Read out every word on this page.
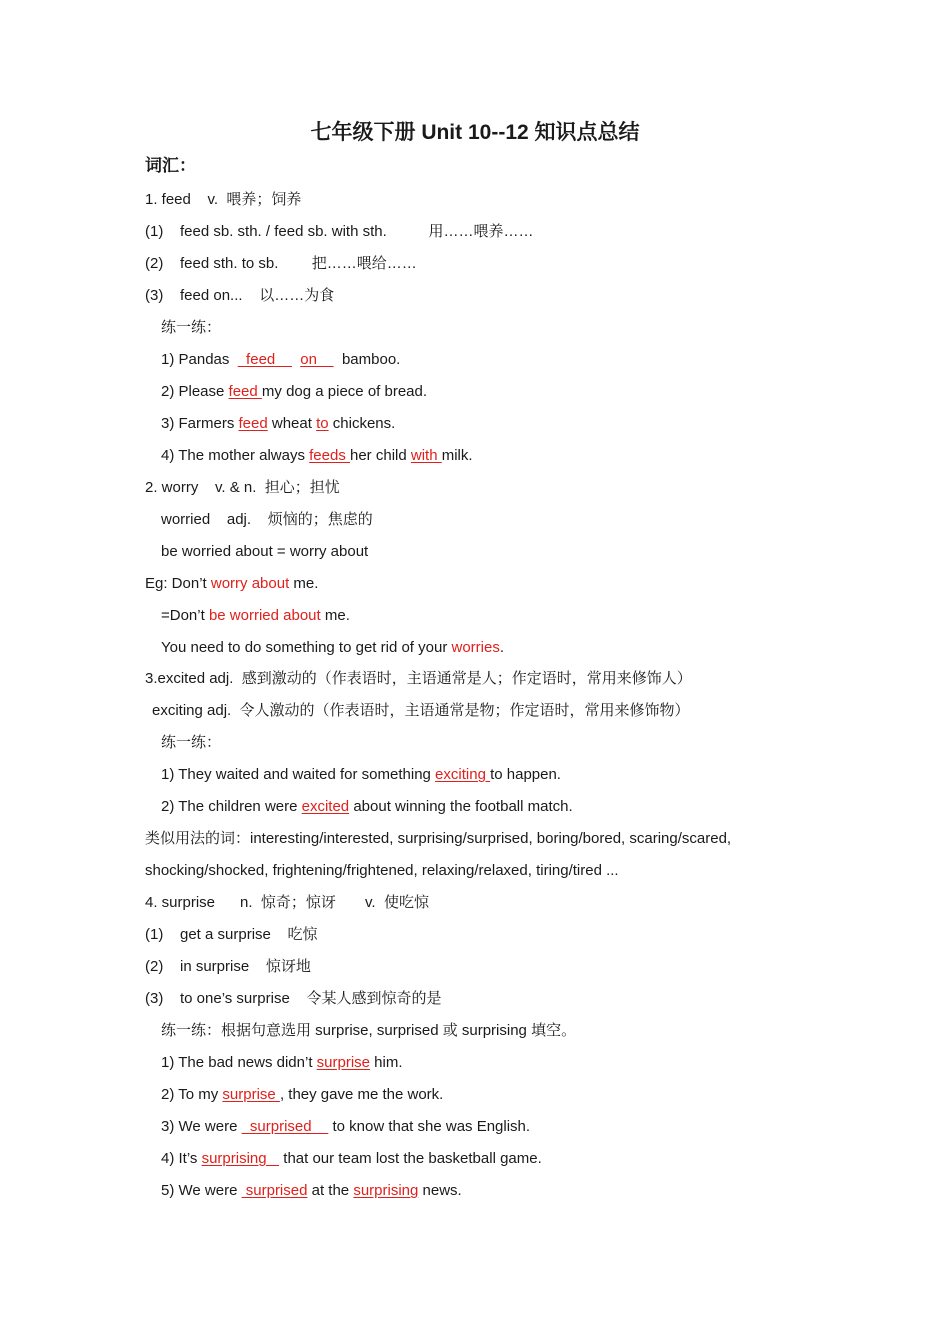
七年级下册 Unit 10--12 知识点总结
词汇：
1. feed    v.  喂养；饲养
(1)    feed sb. sth. / feed sb. with sth.          用……喂养……
(2)    feed sth. to sb.        把……喂给……
(3)    feed on...    以……为食
练一练：
1) Pandas    feed      on      bamboo.
2) Please feed my dog a piece of bread.
3) Farmers feed wheat to chickens.
4) The mother always feeds her child with milk.
2. worry    v. & n.  担心；担忧
worried    adj.    烦恼的；焦虑的
be worried about = worry about
Eg: Don’t worry about me.
=Don’t be worried about me.
You need to do something to get rid of your worries.
3.excited adj.  感到激动的（作表语时，主语通常是人；作定语时，常用来修饰人）
exciting adj.  令人激动的（作表语时，主语通常是物；作定语时，常用来修饰物）
练一练：
1) They waited and waited for something exciting to happen.
2) The children were excited about winning the football match.
类似用法的词：interesting/interested, surprising/surprised, boring/bored, scaring/scared,
shocking/shocked, frightening/frightened, relaxing/relaxed, tiring/tired ...
4. surprise      n.  惊奇；惊讶       v.  使吃惊
(1)    get a surprise    吃惊
(2)    in surprise    惊讶地
(3)    to one’s surprise    令某人感到惊奇的是
练一练：根据句意选用 surprise, surprised 或 surprising 填空。
1) The bad news didn’t surprise him.
2) To my surprise , they gave me the work.
3) We were   surprised     to know that she was English.
4) It’s surprising    that our team lost the basketball game.
5) We were  surprised at the surprising news.
